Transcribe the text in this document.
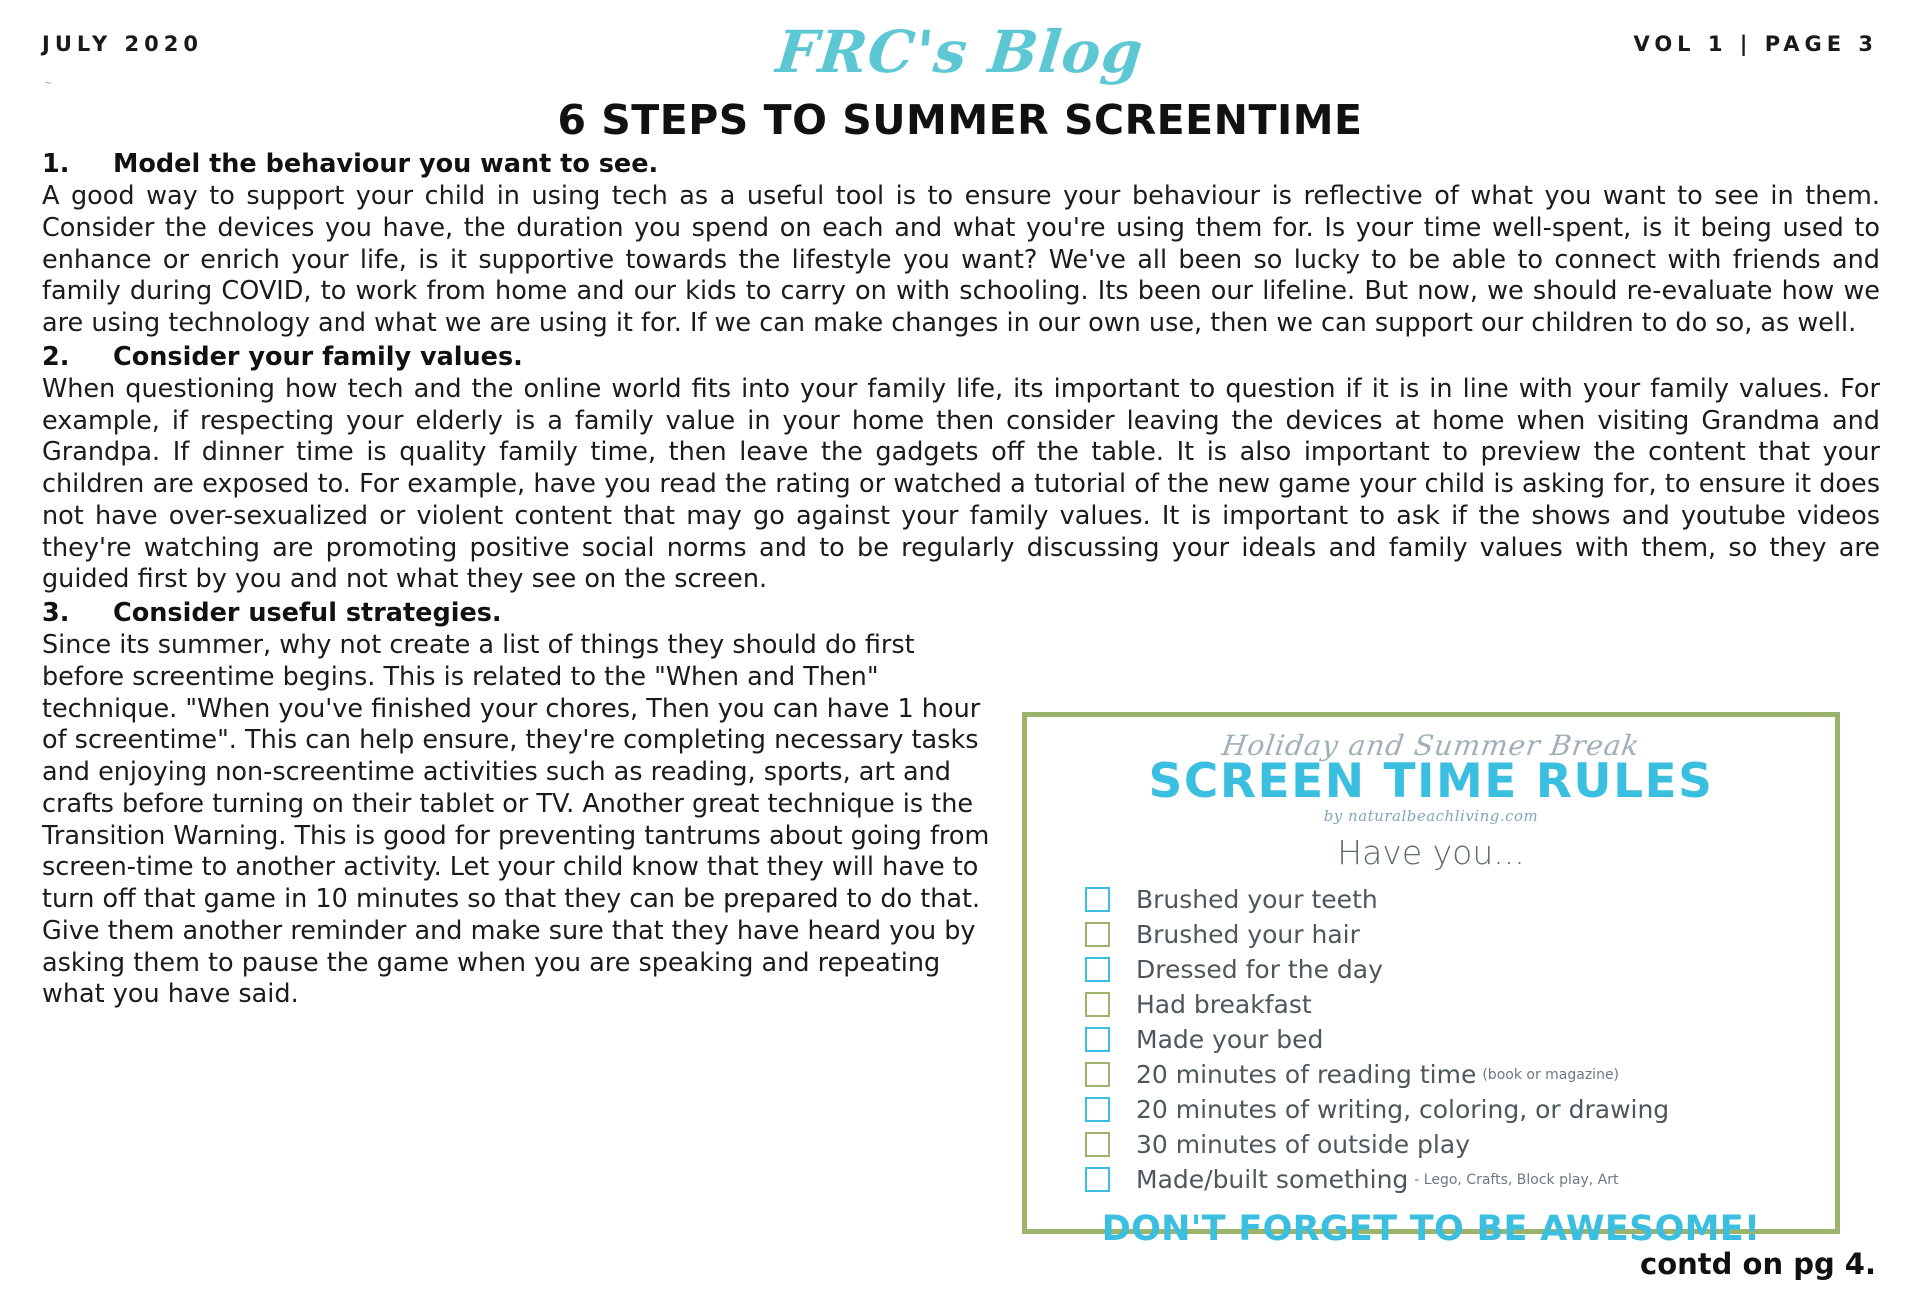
JULY 2020	FRC's Blog	VOL 1 | PAGE 3
~
6 STEPS TO SUMMER SCREENTIME
1.	Model the behaviour you want to see.
A good way to support your child in using tech as a useful tool is to ensure your behaviour is reflective of what you want to see in them. Consider the devices you have, the duration you spend on each and what you're using them for. Is your time well-spent, is it being used to enhance or enrich your life, is it supportive towards the lifestyle you want? We've all been so lucky to be able to connect with friends and family during COVID, to work from home and our kids to carry on with schooling. Its been our lifeline. But now, we should re-evaluate how we are using technology and what we are using it for. If we can make changes in our own use, then we can support our children to do so, as well.
2.	Consider your family values.
When questioning how tech and the online world fits into your family life, its important to question if it is in line with your family values. For example, if respecting your elderly is a family value in your home then consider leaving the devices at home when visiting Grandma and Grandpa. If dinner time is quality family time, then leave the gadgets off the table. It is also important to preview the content that your children are exposed to. For example, have you read the rating or watched a tutorial of the new game your child is asking for, to ensure it does not have over-sexualized or violent content that may go against your family values. It is important to ask if the shows and youtube videos they're watching are promoting positive social norms and to be regularly discussing your ideals and family values with them, so they are guided first by you and not what they see on the screen.
3.	Consider useful strategies.
Since its summer, why not create a list of things they should do first before screentime begins. This is related to the "When and Then" technique. "When you've finished your chores, Then you can have 1 hour of screentime". This can help ensure, they're completing necessary tasks and enjoying non-screentime activities such as reading, sports, art and crafts before turning on their tablet or TV. Another great technique is the Transition Warning. This is good for preventing tantrums about going from screen-time to another activity. Let your child know that they will have to turn off that game in 10 minutes so that they can be prepared to do that. Give them another reminder and make sure that they have heard you by asking them to pause the game when you are speaking and repeating what you have said.
Holiday and Summer Break
SCREEN TIME RULES
by naturalbeachliving.com
Have you...
Brushed your teeth
Brushed your hair
Dressed for the day
Had breakfast
Made your bed
20 minutes of reading time (book or magazine)
20 minutes of writing, coloring, or drawing
30 minutes of outside play
Made/built something - Lego, Crafts, Block play, Art
DON'T FORGET TO BE AWESOME!
contd on pg 4.
